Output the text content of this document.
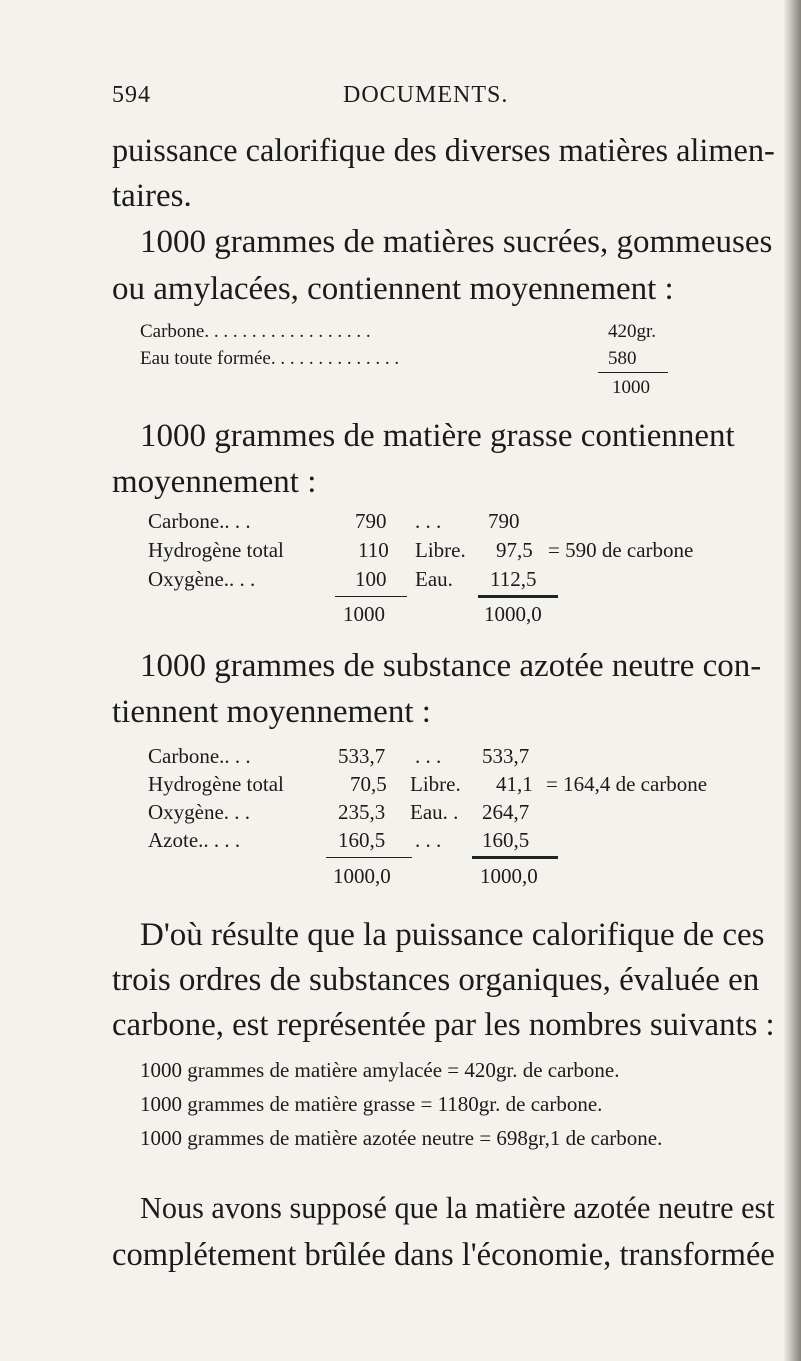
594	DOCUMENTS.
puissance calorifique des diverses matières alimen-
taires.
1000 grammes de matières sucrées, gommeuses
ou amylacées, contiennent moyennement :
Carbone. . . . . . . . . . . . . . . . . .	420gr.
Eau toute formée. . . . . . . . . . . . . .	580
1000
1000 grammes de matière grasse contiennent
moyennement :
Carbone.. . .	790 . . . 790
Hydrogène total	110 Libre. 97,5 = 590 de carbone
Oxygène.. . .	100 Eau. 112,5
1000	1000,0
1000 grammes de substance azotée neutre con-
tiennent moyennement :
Carbone.. . .	533,7 . . . 533,7
Hydrogène total	70,5 Libre. 41,1 = 164,4 de carbone
Oxygène. . .	235,3 Eau. . 264,7
Azote.. . . .	160,5 . . . 160,5
1000,0	1000,0
D'où résulte que la puissance calorifique de ces
trois ordres de substances organiques, évaluée en
carbone, est représentée par les nombres suivants :
1000 grammes de matière amylacée = 420gr. de carbone.
1000 grammes de matière grasse = 1180gr. de carbone.
1000 grammes de matière azotée neutre = 698gr,1 de carbone.
Nous avons supposé que la matière azotée neutre est
complétement brûlée dans l'économie, transformée
